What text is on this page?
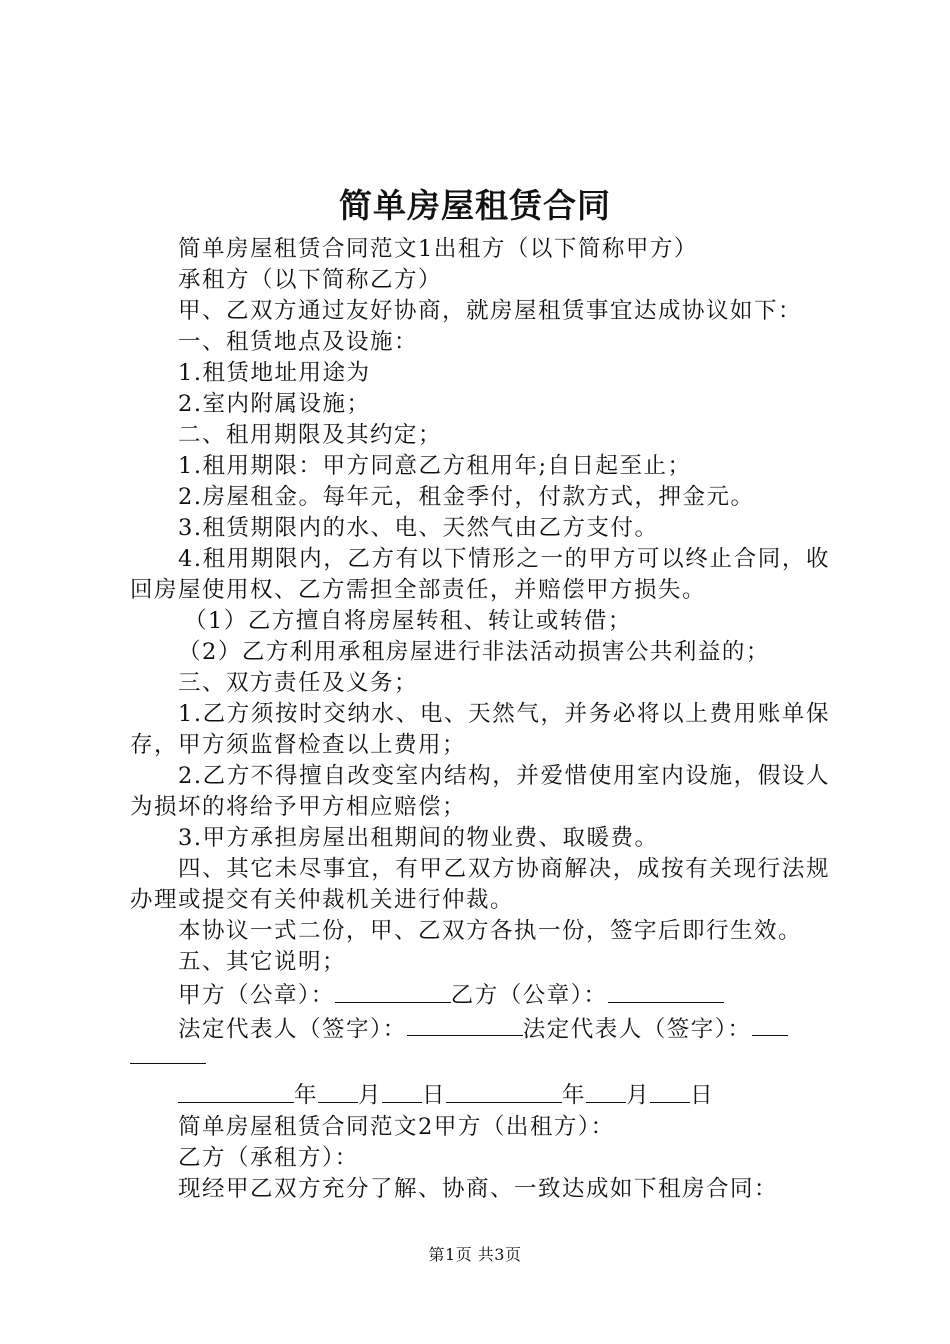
简单房屋租赁合同

简单房屋租赁合同范文1出租方（以下简称甲方）

承租方（以下简称乙方）

甲、乙双方通过友好协商，就房屋租赁事宜达成协议如下：

一、租赁地点及设施：

1.租赁地址用途为

2.室内附属设施；

二、租用期限及其约定；

1.租用期限：甲方同意乙方租用年;自日起至止；

2.房屋租金。每年元，租金季付，付款方式，押金元。

3.租赁期限内的水、电、天然气由乙方支付。

4.租用期限内，乙方有以下情形之一的甲方可以终止合同，收回房屋使用权、乙方需担全部责任，并赔偿甲方损失。

（1）乙方擅自将房屋转租、转让或转借；

（2）乙方利用承租房屋进行非法活动损害公共利益的；

三、双方责任及义务；

1.乙方须按时交纳水、电、天然气，并务必将以上费用账单保存，甲方须监督检查以上费用；

2.乙方不得擅自改变室内结构，并爱惜使用室内设施，假设人为损坏的将给予甲方相应赔偿；

3.甲方承担房屋出租期间的物业费、取暖费。

四、其它未尽事宜，有甲乙双方协商解决，成按有关现行法规办理或提交有关仲裁机关进行仲裁。

本协议一式二份，甲、乙双方各执一份，签字后即行生效。

五、其它说明；

甲方（公章）：	乙方（公章）：

法定代表人（签字）：	法定代表人（签字）：

年 月 日	年 月 日

简单房屋租赁合同范文2甲方（出租方）：

乙方（承租方）：

现经甲乙双方充分了解、协商、一致达成如下租房合同：

第1页 共3页
